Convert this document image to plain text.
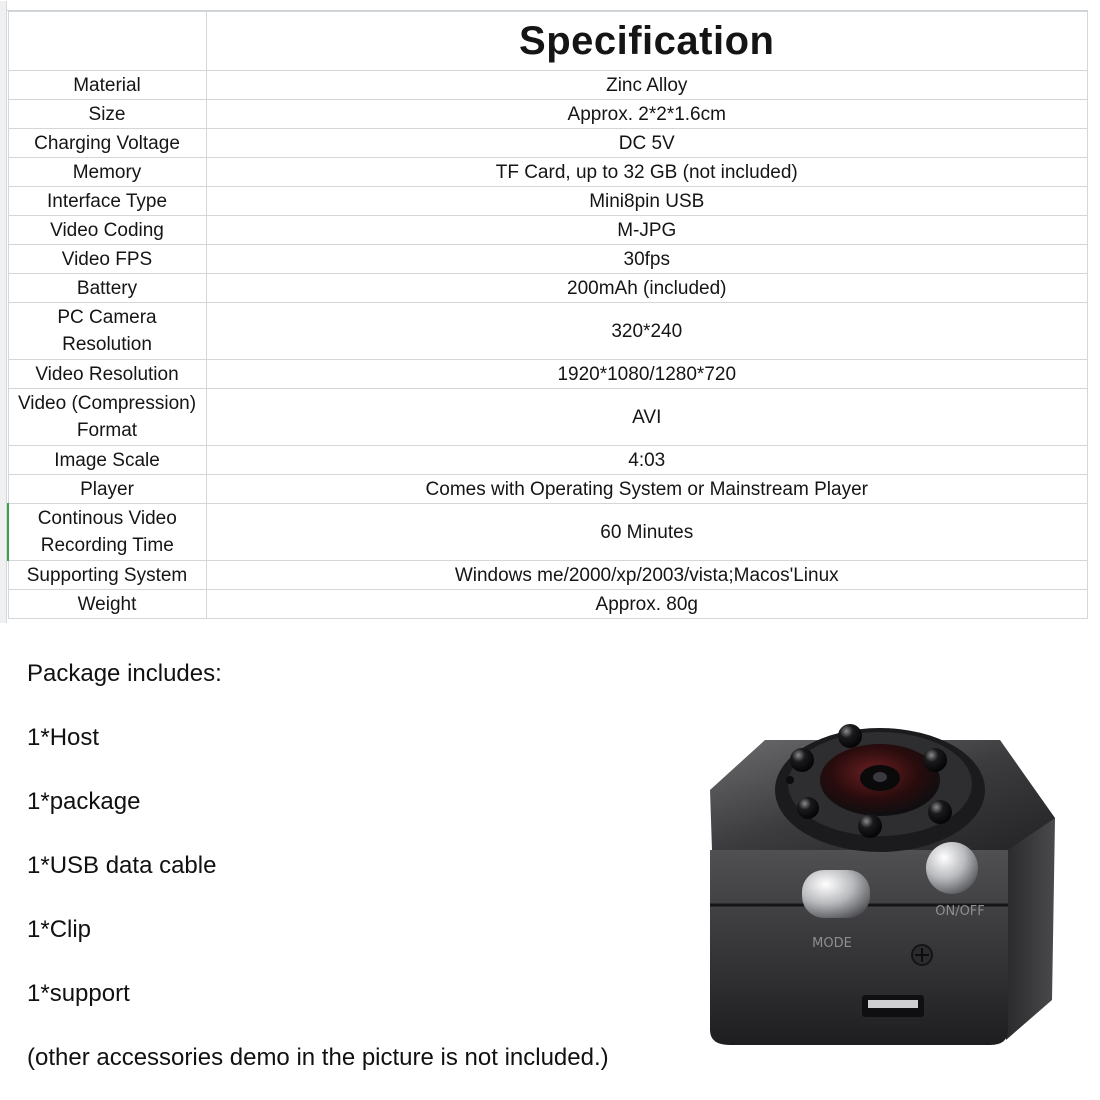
	Specification
Material	Zinc Alloy
Size	Approx. 2*2*1.6cm
Charging Voltage	DC 5V
Memory	TF Card, up to 32 GB (not included)
Interface Type	Mini8pin USB
Video Coding	M-JPG
Video FPS	30fps
Battery	200mAh (included)

PC Camera
Resolution	320*240
Video Resolution	1920*1080/1280*720

Video (Compression)
Format	AVI
Image Scale	4:03
Player	Comes with Operating System or Mainstream Player

Continous Video
Recording Time	60 Minutes
Supporting System	Windows me/2000/xp/2003/vista;Macos'Linux
Weight	Approx. 80g
Package includes:
1*Host
1*package
1*USB data cable
1*Clip
1*support
(other accessories demo in the picture is not included.)
MODE
ON/OFF
